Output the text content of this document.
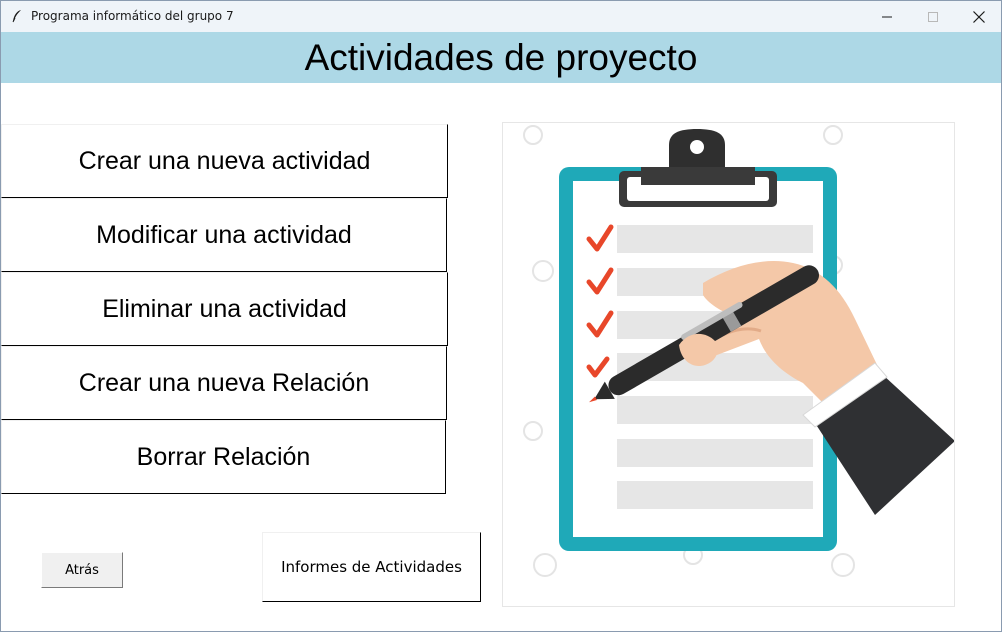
Programa informático del grupo 7
Actividades de proyecto
Crear una nueva actividad
Modificar una actividad
Eliminar una actividad
Crear una nueva Relación
Borrar Relación
Atrás	Informes de Actividades
